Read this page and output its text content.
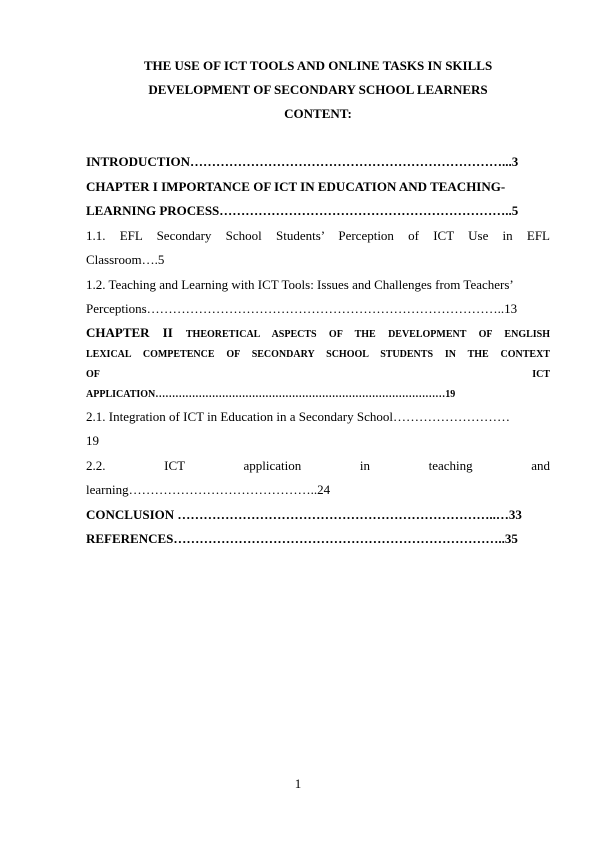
THE USE OF ICT TOOLS AND ONLINE TASKS IN SKILLS
DEVELOPMENT OF SECONDARY SCHOOL LEARNERS
CONTENT:
INTRODUCTION………………………………………………………………...3
CHAPTER I IMPORTANCE OF ICT IN EDUCATION AND TEACHING-
LEARNING PROCESS…………………………………………………………..5
1.1. EFL Secondary School Students’ Perception of ICT Use in EFL
Classroom….5
1.2. Teaching and Learning with ICT Tools: Issues and Challenges from Teachers’
Perceptions………………………………………………………………………..13
CHAPTER II THEORETICAL ASPECTS OF THE DEVELOPMENT OF ENGLISH
LEXICAL COMPETENCE OF SECONDARY SCHOOL STUDENTS IN THE CONTEXT
OF	ICT
APPLICATION……………………………………………………………………………19
2.1. Integration of ICT in Education in a Secondary School………………………
19
2.2.	ICT	application	in	teaching	and
learning……………………………………..24
CONCLUSION ………………………………………………………………..…33
REFERENCES…………………………………………………………………..35
1
